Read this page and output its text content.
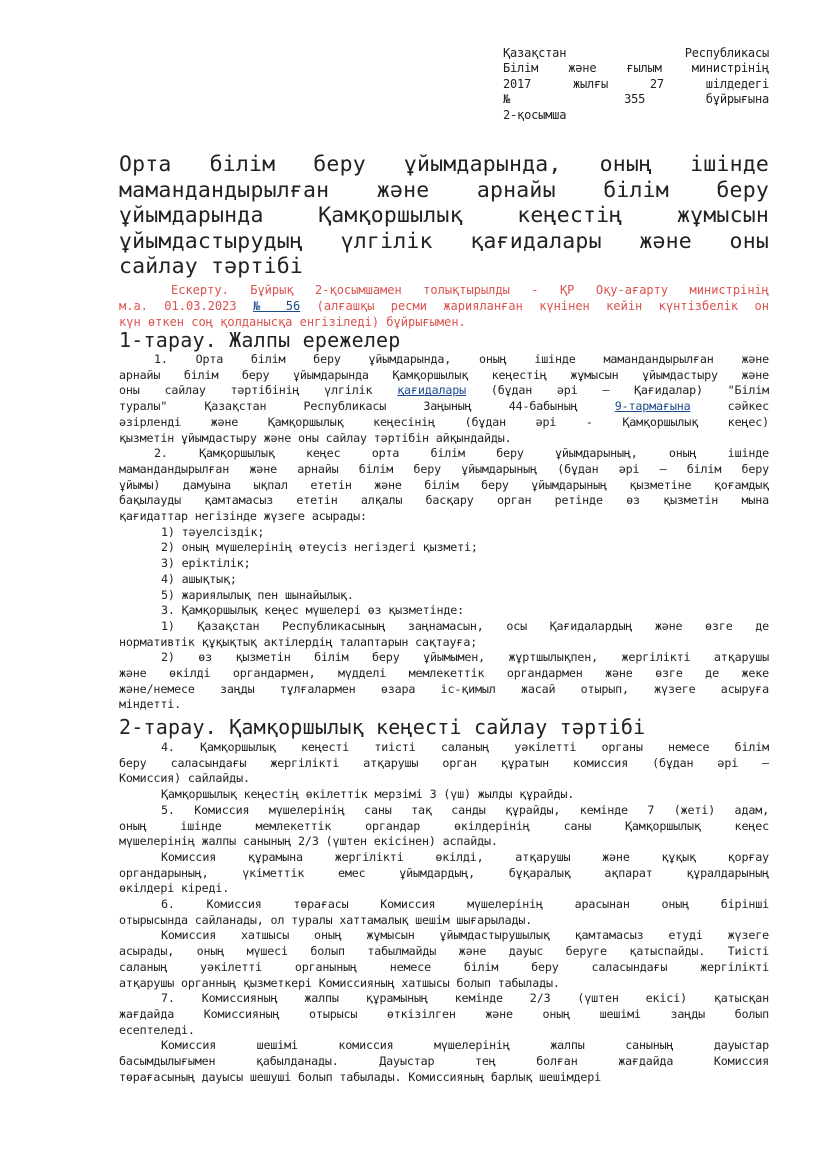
Қазақстан Республикасы
Білім және ғылым министрінің
2017 жылғы 27 шілдедегі
№ 355 бұйрығына
2-қосымша
Орта білім беру ұйымдарында, оның ішінде
мамандандырылған және арнайы білім беру
ұйымдарында Қамқоршылық кеңестің жұмысын
ұйымдастырудың үлгілік қағидалары және оны
сайлау тәртібі
Ескерту. Бұйрық 2-қосымшамен толықтырылды - ҚР Оқу-ағарту министрінің
м.а. 01.03.2023 № 56 (алғашқы ресми жарияланған күнінен кейін күнтізбелік он
күн өткен соң қолданысқа енгізіледі) бұйрығымен.
1-тарау. Жалпы ережелер
1. Орта білім беру ұйымдарында, оның ішінде мамандандырылған және
арнайы білім беру ұйымдарында Қамқоршылық кеңестің жұмысын ұйымдастыру және
оны сайлау тәртібінің үлгілік қағидалары (бұдан әрі – Қағидалар) "Білім
туралы" Қазақстан Республикасы Заңының 44-бабының 9-тармағына сәйкес
әзірленді және Қамқоршылық кеңесінің (бұдан әрі - Қамқоршылық кеңес)
қызметін ұйымдастыру және оны сайлау тәртібін айқындайды.
2. Қамқоршылық кеңес орта білім беру ұйымдарының, оның ішінде
мамандандырылған және арнайы білім беру ұйымдарының (бұдан әрі – білім беру
ұйымы) дамуына ықпал ететін және білім беру ұйымдарының қызметіне қоғамдық
бақылауды қамтамасыз ететін алқалы басқару орган ретінде өз қызметін мына
қағидаттар негізінде жүзеге асырады:
1) тәуелсіздік;
2) оның мүшелерінің өтеусіз негіздегі қызметі;
3) еріктілік;
4) ашықтық;
5) жариялылық пен шынайылық.
3. Қамқоршылық кеңес мүшелері өз қызметінде:
1) Қазақстан Республикасының заңнамасын, осы Қағидалардың және өзге де
нормативтік құқықтық актілердің талаптарын сақтауға;
2) өз қызметін білім беру ұйымымен, жұртшылықпен, жергілікті атқарушы
және өкілді органдармен, мүдделі мемлекеттік органдармен және өзге де жеке
және/немесе заңды тұлғалармен өзара іс-қимыл жасай отырып, жүзеге асыруға
міндетті.
2-тарау. Қамқоршылық кеңесті сайлау тәртібі
4. Қамқоршылық кеңесті тиісті саланың уәкілетті органы немесе білім
беру саласындағы жергілікті атқарушы орган құратын комиссия (бұдан әрі –
Комиссия) сайлайды.
Қамқоршылық кеңестің өкілеттік мерзімі 3 (үш) жылды құрайды.
5. Комиссия мүшелерінің саны тақ санды құрайды, кемінде 7 (жеті) адам,
оның ішінде мемлекеттік органдар өкілдерінің саны Қамқоршылық кеңес
мүшелерінің жалпы санының 2/3 (үштен екісінен) аспайды.
Комиссия құрамына жергілікті өкілді, атқарушы және құқық қорғау
органдарының, үкіметтік емес ұйымдардың, бұқаралық ақпарат құралдарының
өкілдері кіреді.
6. Комиссия төрағасы Комиссия мүшелерінің арасынан оның бірінші
отырысында сайланады, ол туралы хаттамалық шешім шығарылады.
Комиссия хатшысы оның жұмысын ұйымдастырушылық қамтамасыз етуді жүзеге
асырады, оның мүшесі болып табылмайды және дауыс беруге қатыспайды. Тиісті
саланың уәкілетті органының немесе білім беру саласындағы жергілікті
атқарушы органның қызметкері Комиссияның хатшысы болып табылады.
7. Комиссияның жалпы құрамының кемінде 2/3 (үштен екісі) қатысқан
жағдайда Комиссияның отырысы өткізілген және оның шешімі заңды болып
есептеледі.
Комиссия шешімі комиссия мүшелерінің жалпы санының дауыстар
басымдылығымен қабылданады. Дауыстар тең болған жағдайда Комиссия
төрағасының дауысы шешуші болып табылады. Комиссияның барлық шешімдері
